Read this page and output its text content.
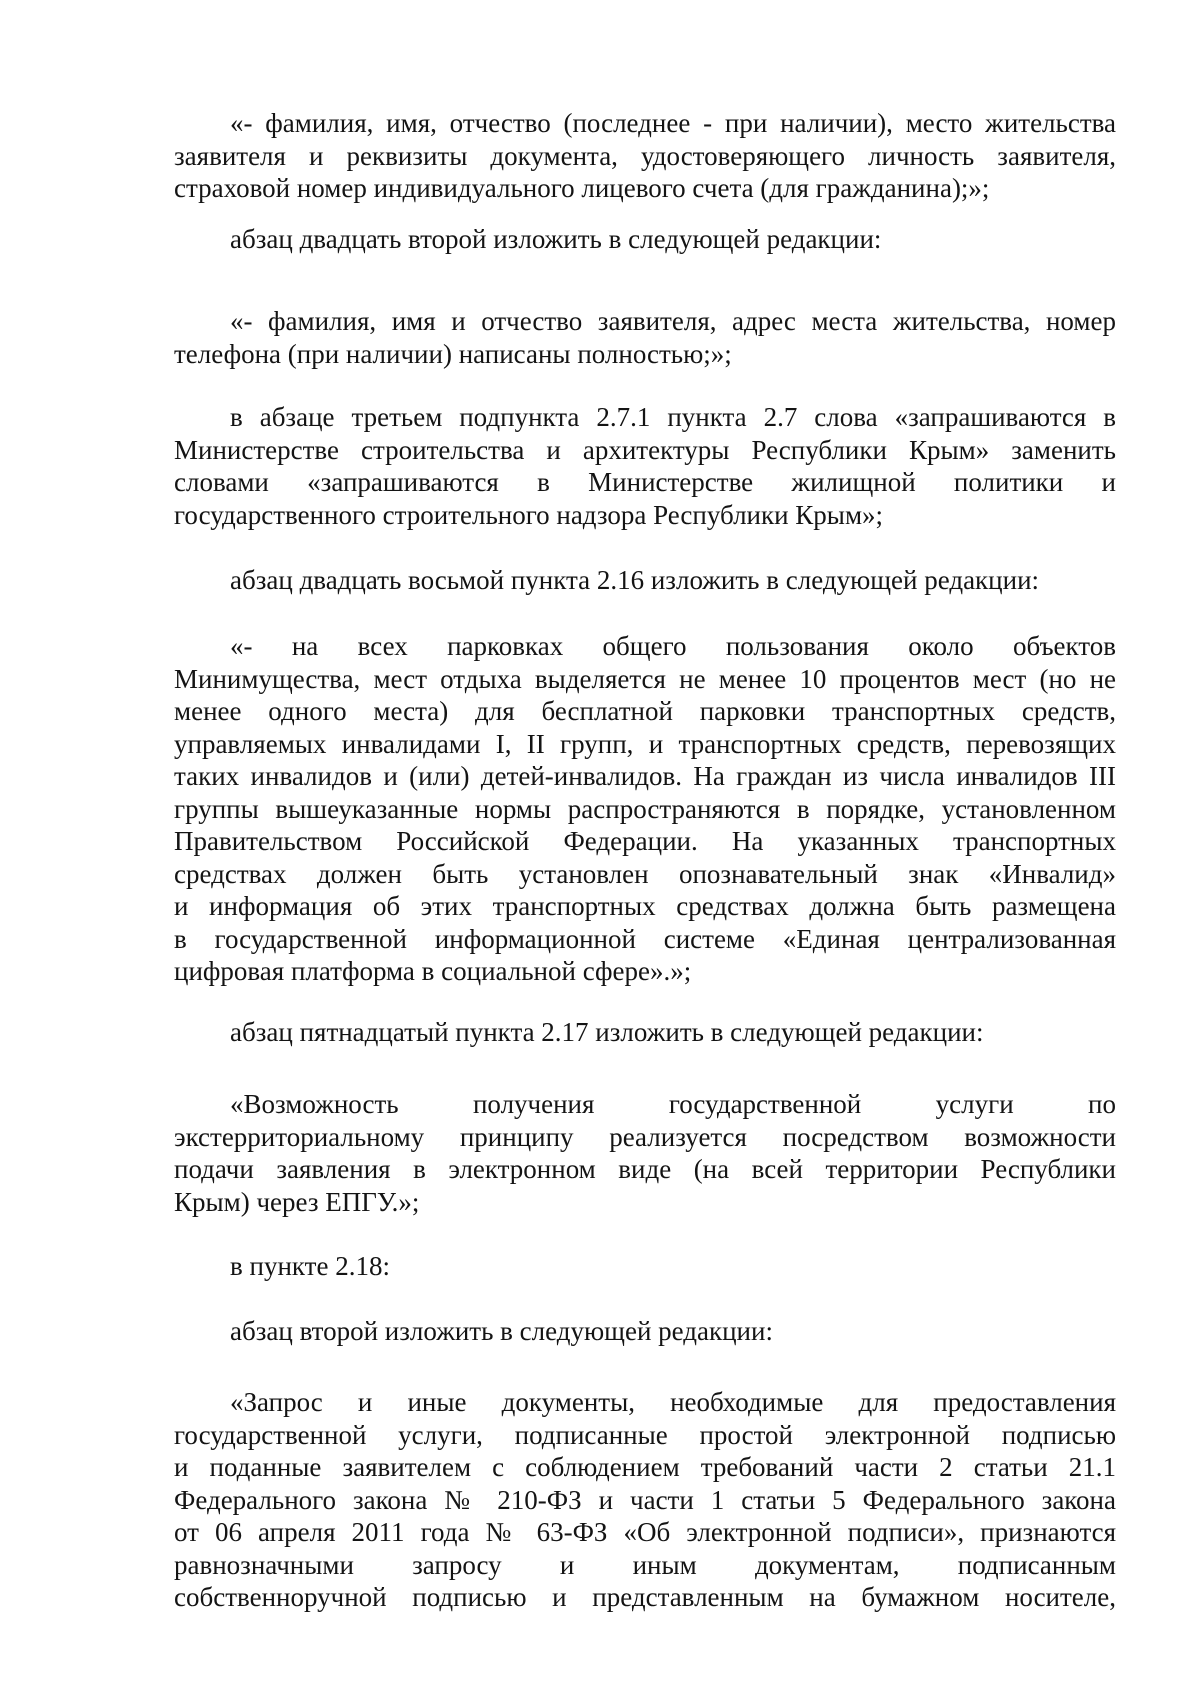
«- фамилия, имя, отчество (последнее - при наличии), место жительства
заявителя и реквизиты документа, удостоверяющего личность заявителя,
страховой номер индивидуального лицевого счета (для гражданина);»;

абзац двадцать второй изложить в следующей редакции:

«- фамилия, имя и отчество заявителя, адрес места жительства, номер
телефона (при наличии) написаны полностью;»;

в абзаце третьем подпункта 2.7.1 пункта 2.7 слова «запрашиваются в
Министерстве строительства и архитектуры Республики Крым» заменить
словами «запрашиваются в Министерстве жилищной политики и
государственного строительного надзора Республики Крым»;

абзац двадцать восьмой пункта 2.16 изложить в следующей редакции:

«- на всех парковках общего пользования около объектов
Минимущества, мест отдыха выделяется не менее 10 процентов мест (но не
менее одного места) для бесплатной парковки транспортных средств,
управляемых инвалидами I, II групп, и транспортных средств, перевозящих
таких инвалидов и (или) детей-инвалидов. На граждан из числа инвалидов III
группы вышеуказанные нормы распространяются в порядке, установленном
Правительством Российской Федерации. На указанных транспортных
средствах должен быть установлен опознавательный знак «Инвалид»
и информация об этих транспортных средствах должна быть размещена
в государственной информационной системе «Единая централизованная
цифровая платформа в социальной сфере».»;

абзац пятнадцатый пункта 2.17 изложить в следующей редакции:

«Возможность получения государственной услуги по
экстерриториальному принципу реализуется посредством возможности
подачи заявления в электронном виде (на всей территории Республики
Крым) через ЕПГУ.»;

в пункте 2.18:

абзац второй изложить в следующей редакции:

«Запрос и иные документы, необходимые для предоставления
государственной услуги, подписанные простой электронной подписью
и поданные заявителем с соблюдением требований части 2 статьи 21.1
Федерального закона № 210-ФЗ и части 1 статьи 5 Федерального закона
от 06 апреля 2011 года № 63-ФЗ «Об электронной подписи», признаются
равнозначными запросу и иным документам, подписанным
собственноручной подписью и представленным на бумажном носителе,
